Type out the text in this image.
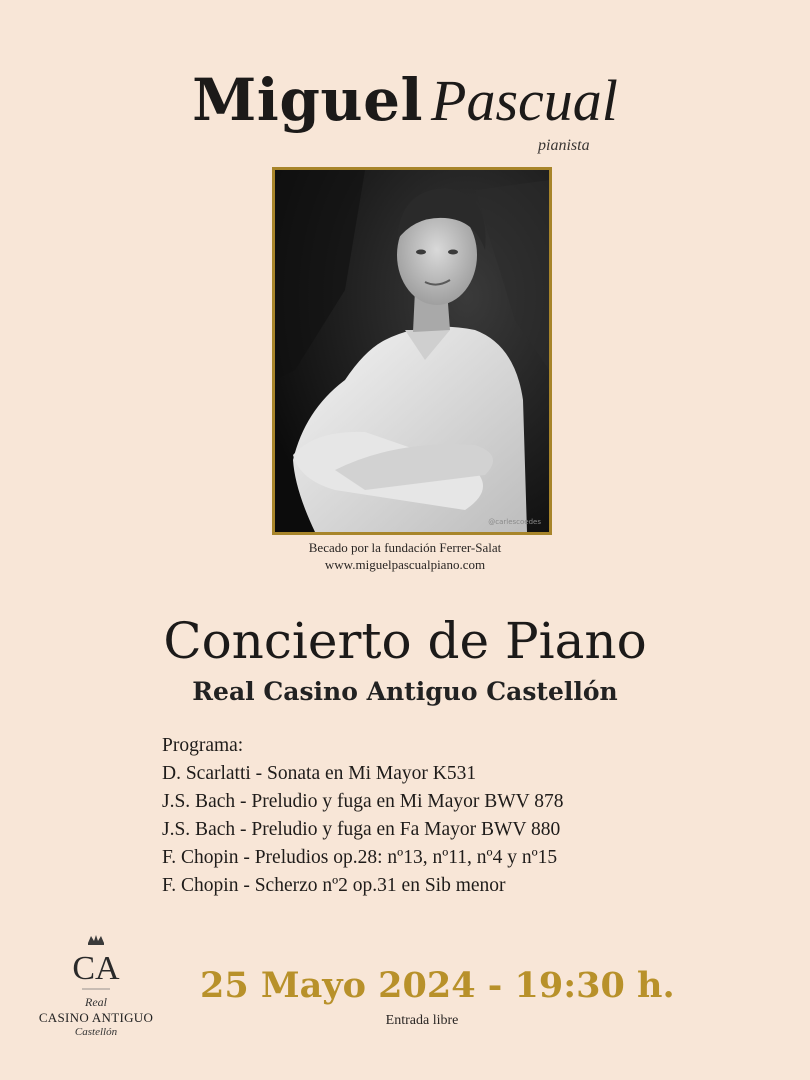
Miguel Pascual
pianista
@carlescoedes
Becado por la fundación Ferrer-Salat
www.miguelpascualpiano.com
Concierto de Piano
Real Casino Antiguo Castellón
Programa:
D. Scarlatti - Sonata en Mi Mayor K531
J.S. Bach - Preludio y fuga en Mi Mayor BWV 878
J.S. Bach - Preludio y fuga en Fa Mayor BWV 880
F. Chopin - Preludios op.28: nº13, nº11, nº4 y nº15
F. Chopin - Scherzo nº2 op.31 en Sib menor
25 Mayo 2024 - 19:30 h.
Entrada libre
CA
Real
CASINO ANTIGUO
Castellón
